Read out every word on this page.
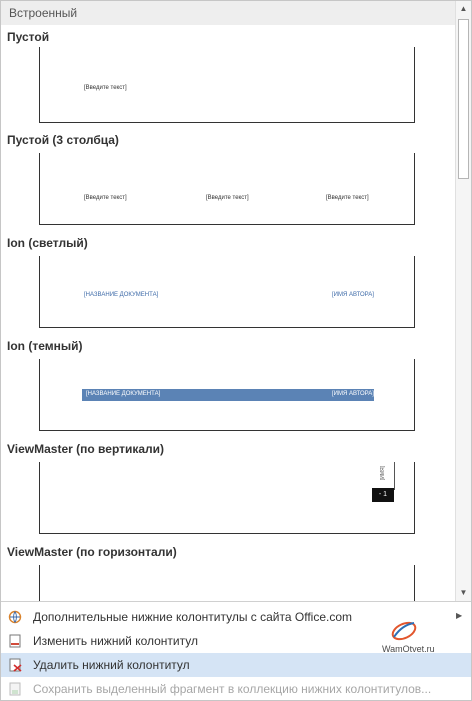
Встроенный
Пустой
[Введите текст]
Пустой (3 столбца)
[Введите текст]	[Введите текст]	[Введите текст]
Ion (светлый)
[НАЗВАНИЕ ДОКУМЕНТА]	[ИМЯ АВТОРА]
Ion (темный)
[НАЗВАНИЕ ДОКУМЕНТА]	[ИМЯ АВТОРА]
ViewMaster (по вертикали)
[ИМЯ]
- 1
ViewMaster (по горизонтали)
▲
▼
Дополнительные нижние колонтитулы с сайта Office.com	▶
Изменить нижний колонтитул
Удалить нижний колонтитул
Сохранить выделенный фрагмент в коллекцию нижних колонтитулов...
WamOtvet.ru
